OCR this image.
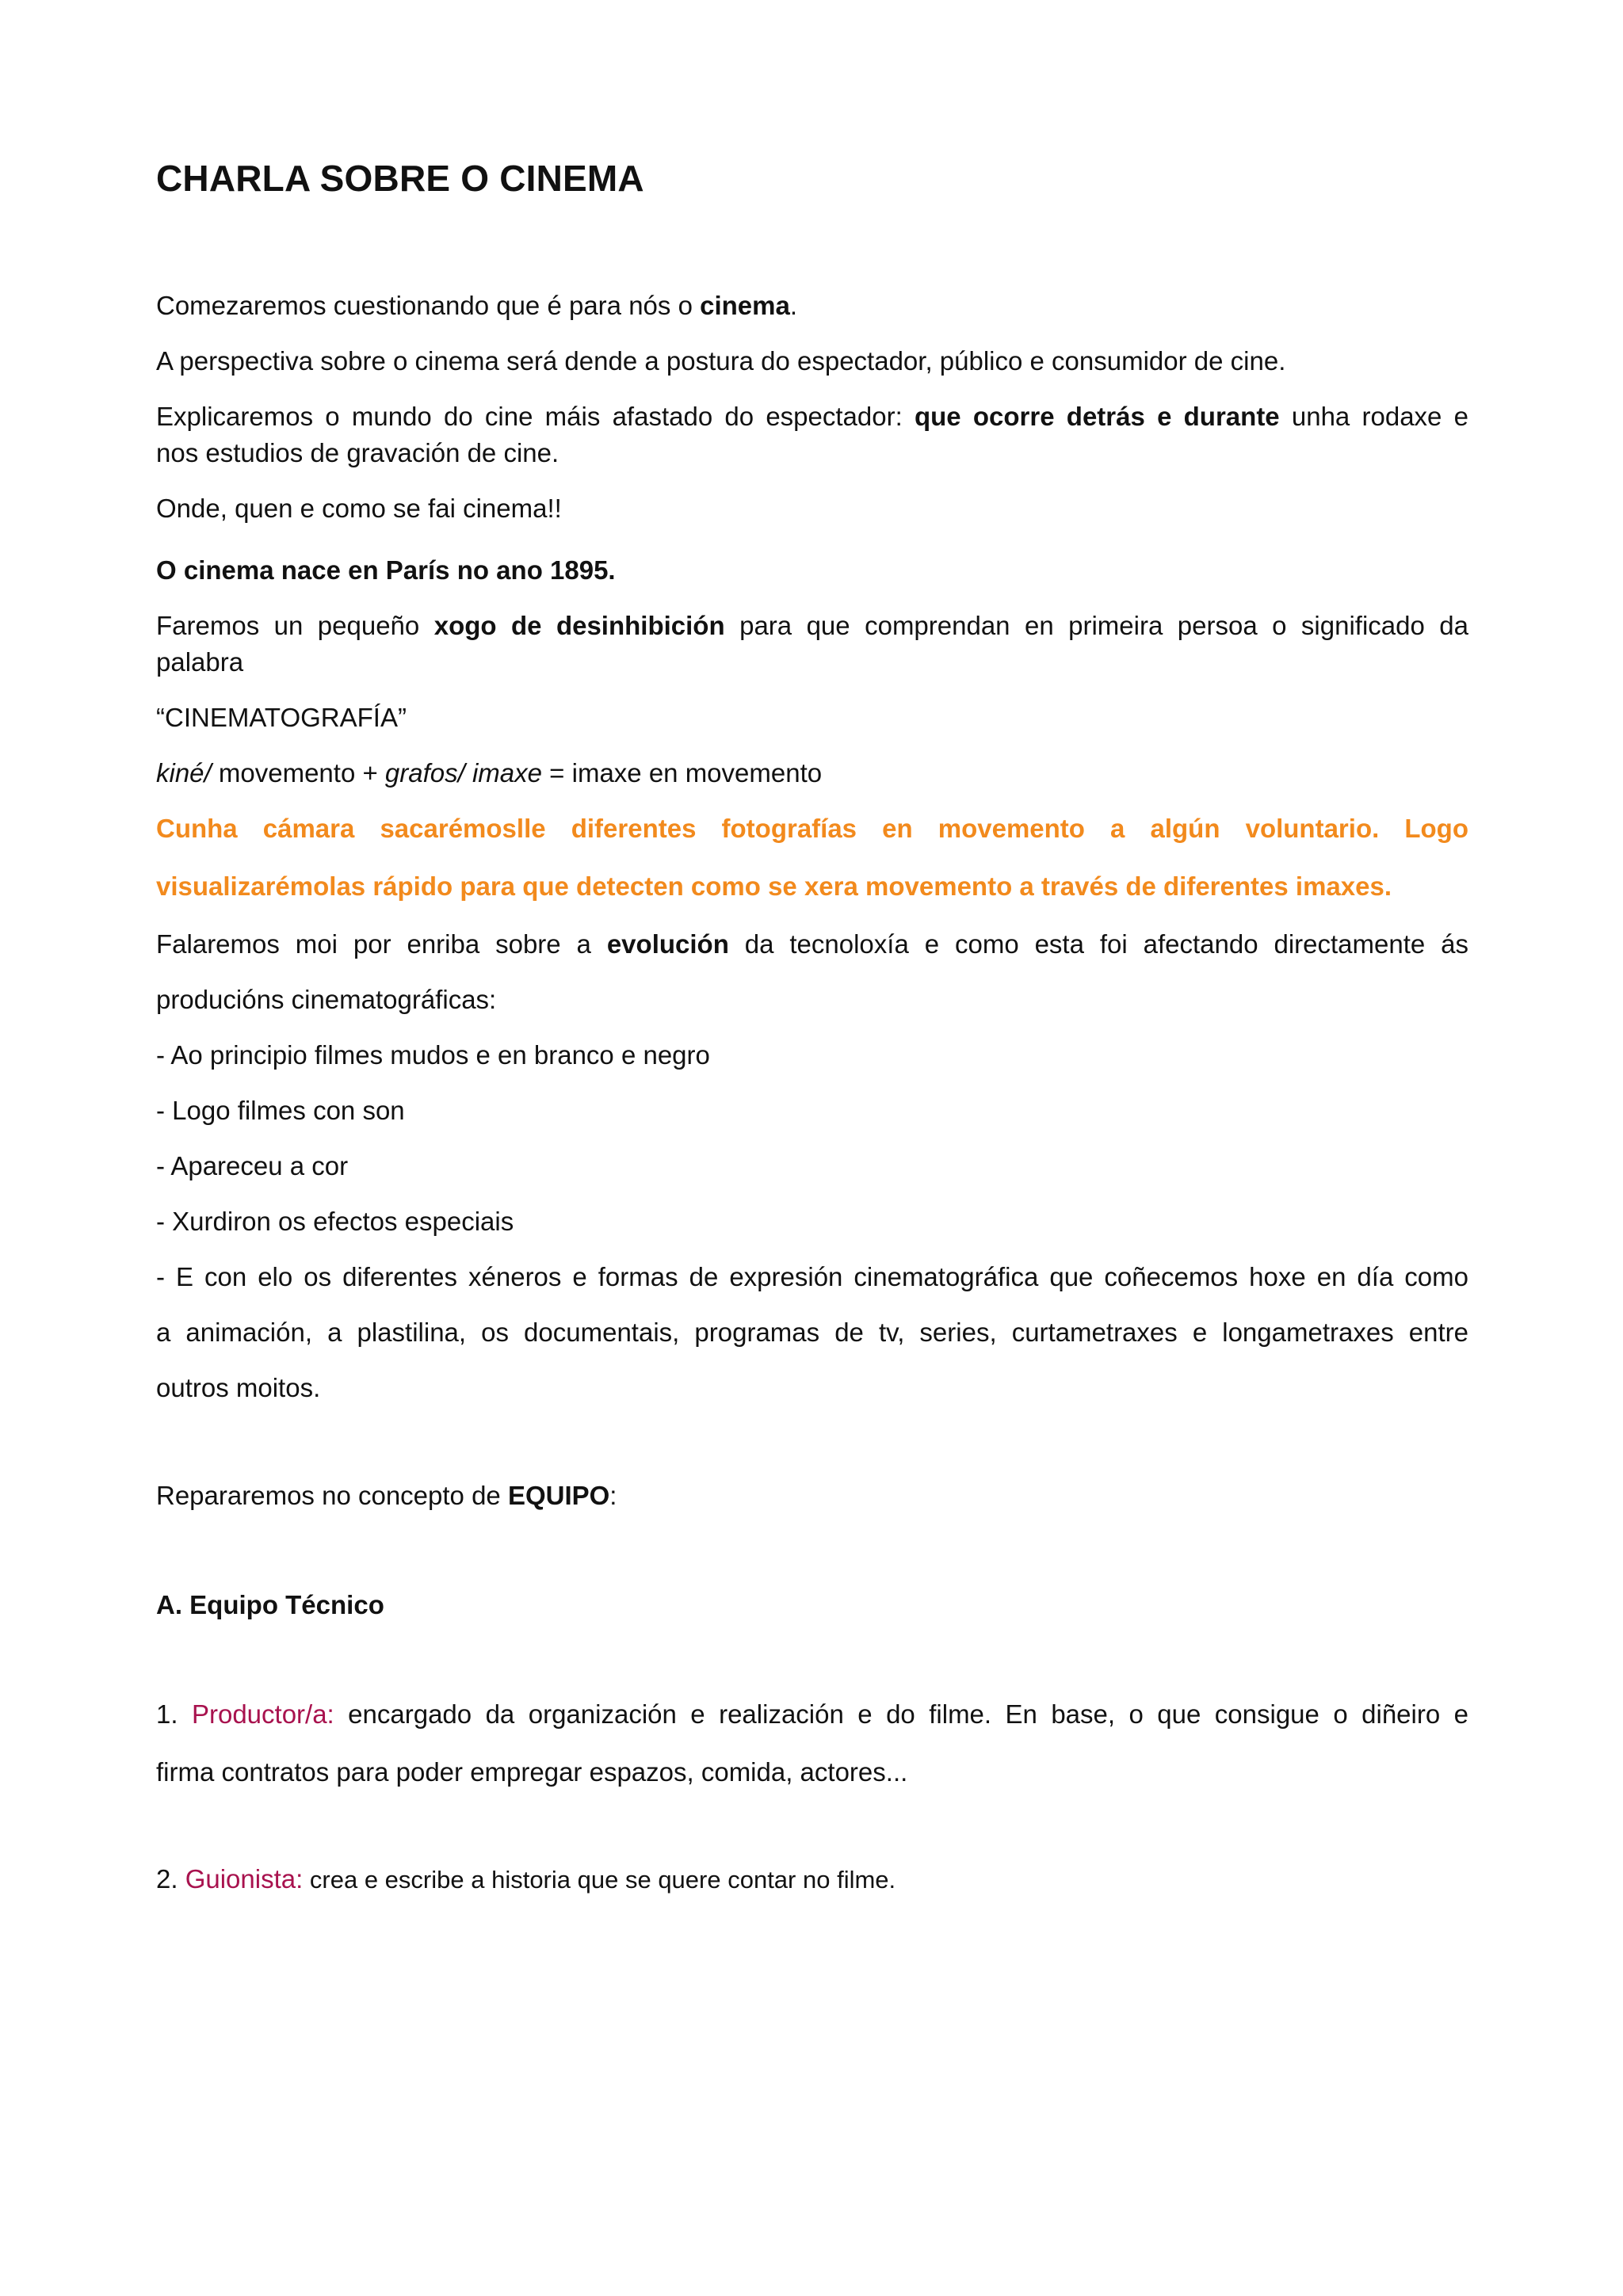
CHARLA SOBRE O CINEMA
Comezaremos cuestionando que é para nós o cinema.
A perspectiva sobre o cinema será dende a postura do espectador, público e consumidor de cine.
Explicaremos o mundo do cine máis afastado do espectador: que ocorre detrás e durante unha rodaxe e
nos estudios de gravación de cine.
Onde, quen e como se fai cinema!!
O cinema nace en París no ano 1895.
Faremos un pequeño xogo de desinhibición para que comprendan en primeira persoa o significado da
palabra
“CINEMATOGRAFÍA”
kiné/ movemento + grafos/ imaxe = imaxe en movemento
Cunha cámara sacarémoslle diferentes fotografías en movemento a algún voluntario. Logo
visualizarémolas rápido para que detecten como se xera movemento a través de diferentes imaxes.
Falaremos moi por enriba sobre a evolución da tecnoloxía e como esta foi afectando directamente ás
producións cinematográficas:
- Ao principio filmes mudos e en branco e negro
- Logo filmes con son
- Apareceu a cor
- Xurdiron os efectos especiais
- E con elo os diferentes xéneros e formas de expresión cinematográfica que coñecemos hoxe en día como
a animación, a plastilina, os documentais, programas de tv, series, curtametraxes e longametraxes entre
outros moitos.
Repararemos no concepto de EQUIPO:
A. Equipo Técnico
1. Productor/a: encargado da organización e realización e do filme. En base, o que consigue o diñeiro e
firma contratos para poder empregar espazos, comida, actores...
2. Guionista: crea e escribe a historia que se quere contar no filme.
